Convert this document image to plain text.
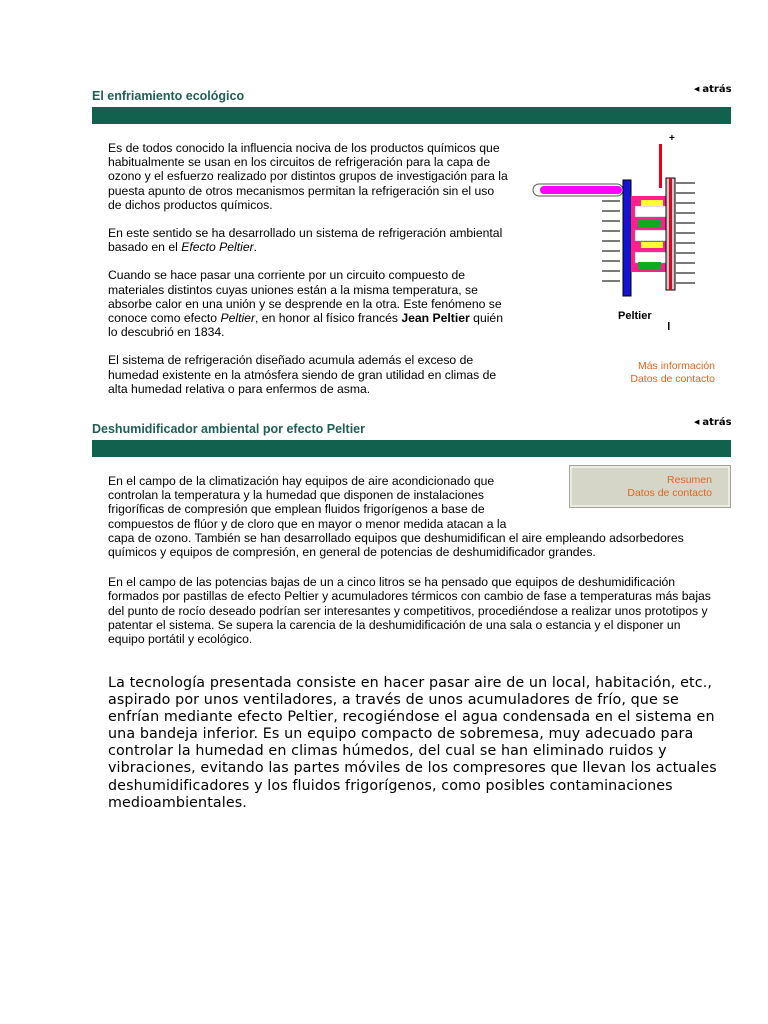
El enfriamiento ecológico	◀ atrás

Es de todos conocido la influencia nociva de los productos químicos que habitualmente se usan en los circuitos de refrigeración para la capa de ozono y el esfuerzo realizado por distintos grupos de investigación para la puesta apunto de otros mecanismos permitan la refrigeración sin el uso de dichos productos químicos.

En este sentido se ha desarrollado un sistema de refrigeración ambiental basado en el Efecto Peltier.

Cuando se hace pasar una corriente por un circuito compuesto de materiales distintos cuyas uniones están a la misma temperatura, se absorbe calor en una unión y se desprende en la otra. Este fenómeno se conoce como efecto Peltier, en honor al físico francés Jean Peltier quién lo descubrió en 1834.

El sistema de refrigeración diseñado acumula además el exceso de humedad existente en la atmósfera siendo de gran utilidad en climas de alta humedad relativa o para enfermos de asma.

+
Peltier
Más información
Datos de contacto
Deshumidificador ambiental por efecto Peltier	◀ atrás
Resumen
Datos de contacto

En el campo de la climatización hay equipos de aire acondicionado que controlan la temperatura y la humedad que disponen de instalaciones frigoríficas de compresión que emplean fluidos frigorígenos a base de compuestos de flúor y de cloro que en mayor o menor medida atacan a la capa de ozono. También se han desarrollado equipos que deshumidifican el aire empleando adsorbedores químicos y equipos de compresión, en general de potencias de deshumidificador grandes.

En el campo de las potencias bajas de un a cinco litros se ha pensado que equipos de deshumidificación formados por pastillas de efecto Peltier y acumuladores térmicos con cambio de fase a temperaturas más bajas del punto de rocío deseado podrían ser interesantes y competitivos, procediéndose a realizar unos prototipos y patentar el sistema. Se supera la carencia de la deshumidificación de una sala o estancia y el disponer un equipo portátil y ecológico.

La tecnología presentada consiste en hacer pasar aire de un local, habitación, etc., aspirado por unos ventiladores, a través de unos acumuladores de frío, que se enfrían mediante efecto Peltier, recogiéndose el agua condensada en el sistema en una bandeja inferior. Es un equipo compacto de sobremesa, muy adecuado para controlar la humedad en climas húmedos, del cual se han eliminado ruidos y vibraciones, evitando las partes móviles de los compresores que llevan los actuales deshumidificadores y los fluidos frigorígenos, como posibles contaminaciones medioambientales.
